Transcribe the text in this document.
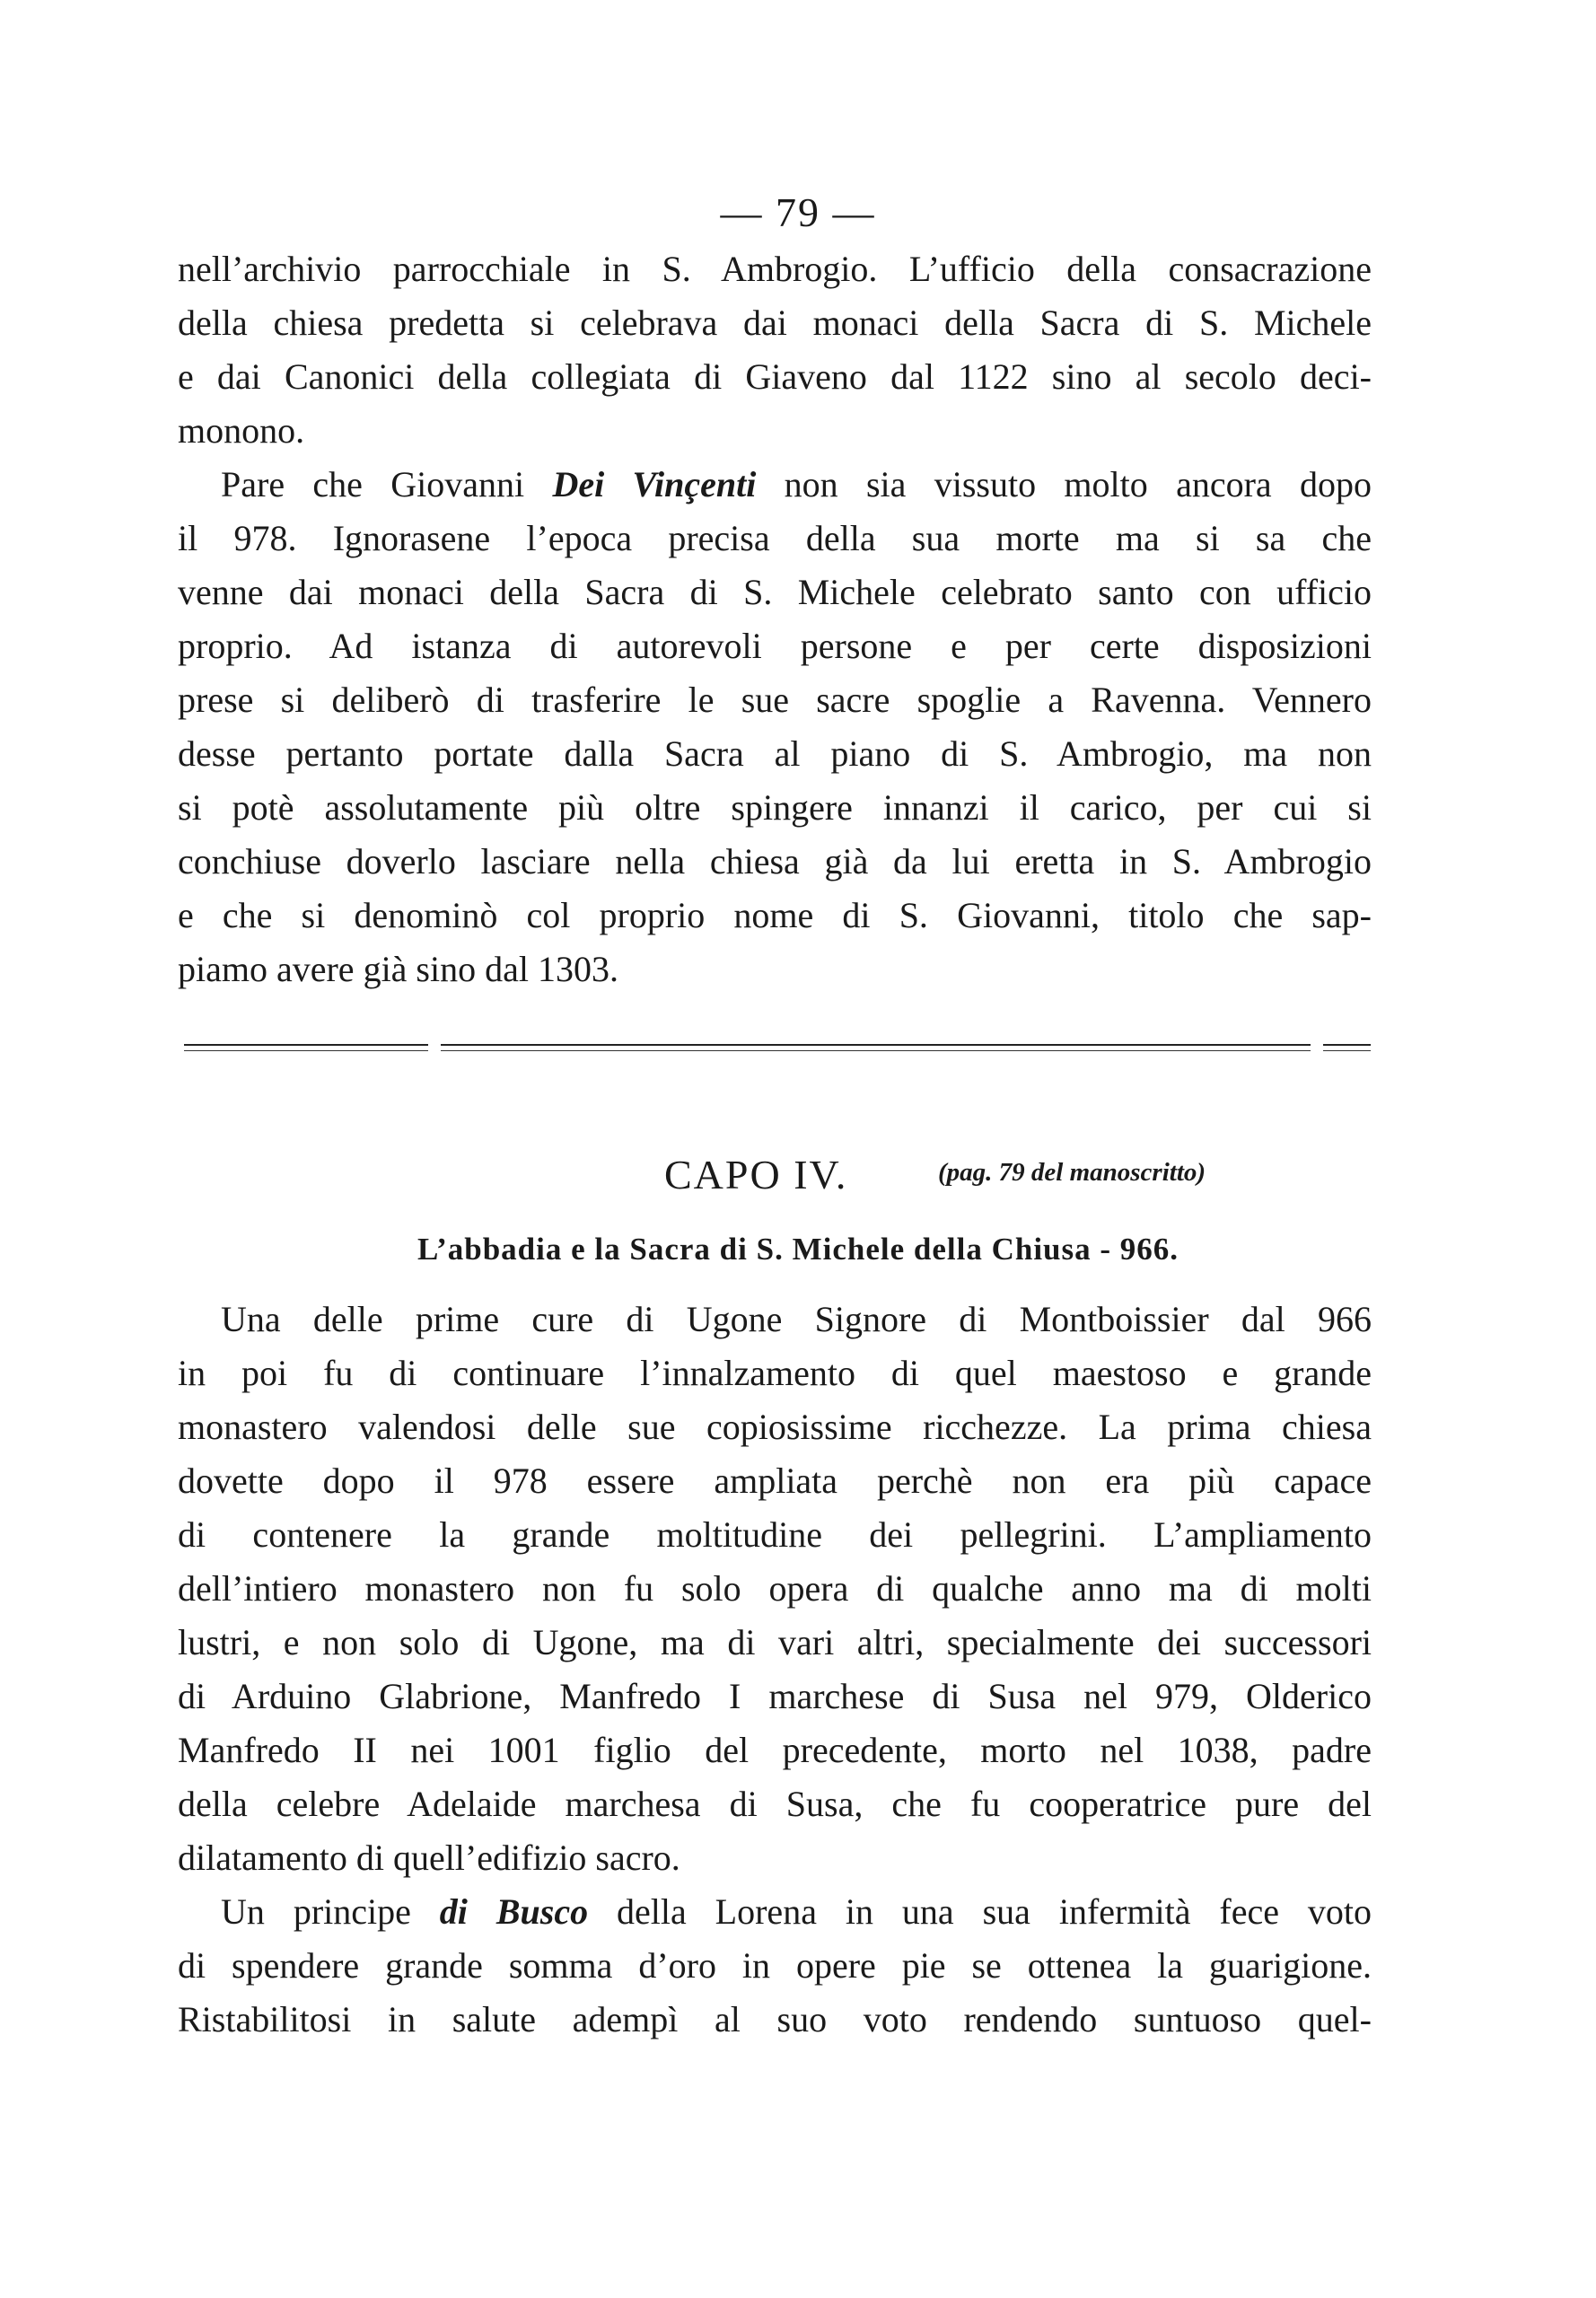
— 79 —
nell’archivio parrocchiale in S. Ambrogio. L’ufficio della consacrazione
della chiesa predetta si celebrava dai monaci della Sacra di S. Michele
e dai Canonici della collegiata di Giaveno dal 1122 sino al secolo deci-
monono.
Pare che Giovanni Dei Vinçenti non sia vissuto molto ancora dopo
il 978. Ignorasene l’epoca precisa della sua morte ma si sa che
venne dai monaci della Sacra di S. Michele celebrato santo con ufficio
proprio. Ad istanza di autorevoli persone e per certe disposizioni
prese si deliberò di trasferire le sue sacre spoglie a Ravenna. Vennero
desse pertanto portate dalla Sacra al piano di S. Ambrogio, ma non
si potè assolutamente più oltre spingere innanzi il carico, per cui si
conchiuse doverlo lasciare nella chiesa già da lui eretta in S. Ambrogio
e che si denominò col proprio nome di S. Giovanni, titolo che sap-
piamo avere già sino dal 1303.
CAPO IV.	(pag. 79 del manoscritto)
L’abbadia e la Sacra di S. Michele della Chiusa - 966.
Una delle prime cure di Ugone Signore di Montboissier dal 966
in poi fu di continuare l’innalzamento di quel maestoso e grande
monastero valendosi delle sue copiosissime ricchezze. La prima chiesa
dovette dopo il 978 essere ampliata perchè non era più capace
di contenere la grande moltitudine dei pellegrini. L’ampliamento
dell’intiero monastero non fu solo opera di qualche anno ma di molti
lustri, e non solo di Ugone, ma di vari altri, specialmente dei successori
di Arduino Glabrione, Manfredo I marchese di Susa nel 979, Olderico
Manfredo II nei 1001 figlio del precedente, morto nel 1038, padre
della celebre Adelaide marchesa di Susa, che fu cooperatrice pure del
dilatamento di quell’edifizio sacro.
Un principe di Busco della Lorena in una sua infermità fece voto
di spendere grande somma d’oro in opere pie se ottenea la guarigione.
Ristabilitosi in salute adempì al suo voto rendendo suntuoso quel-
